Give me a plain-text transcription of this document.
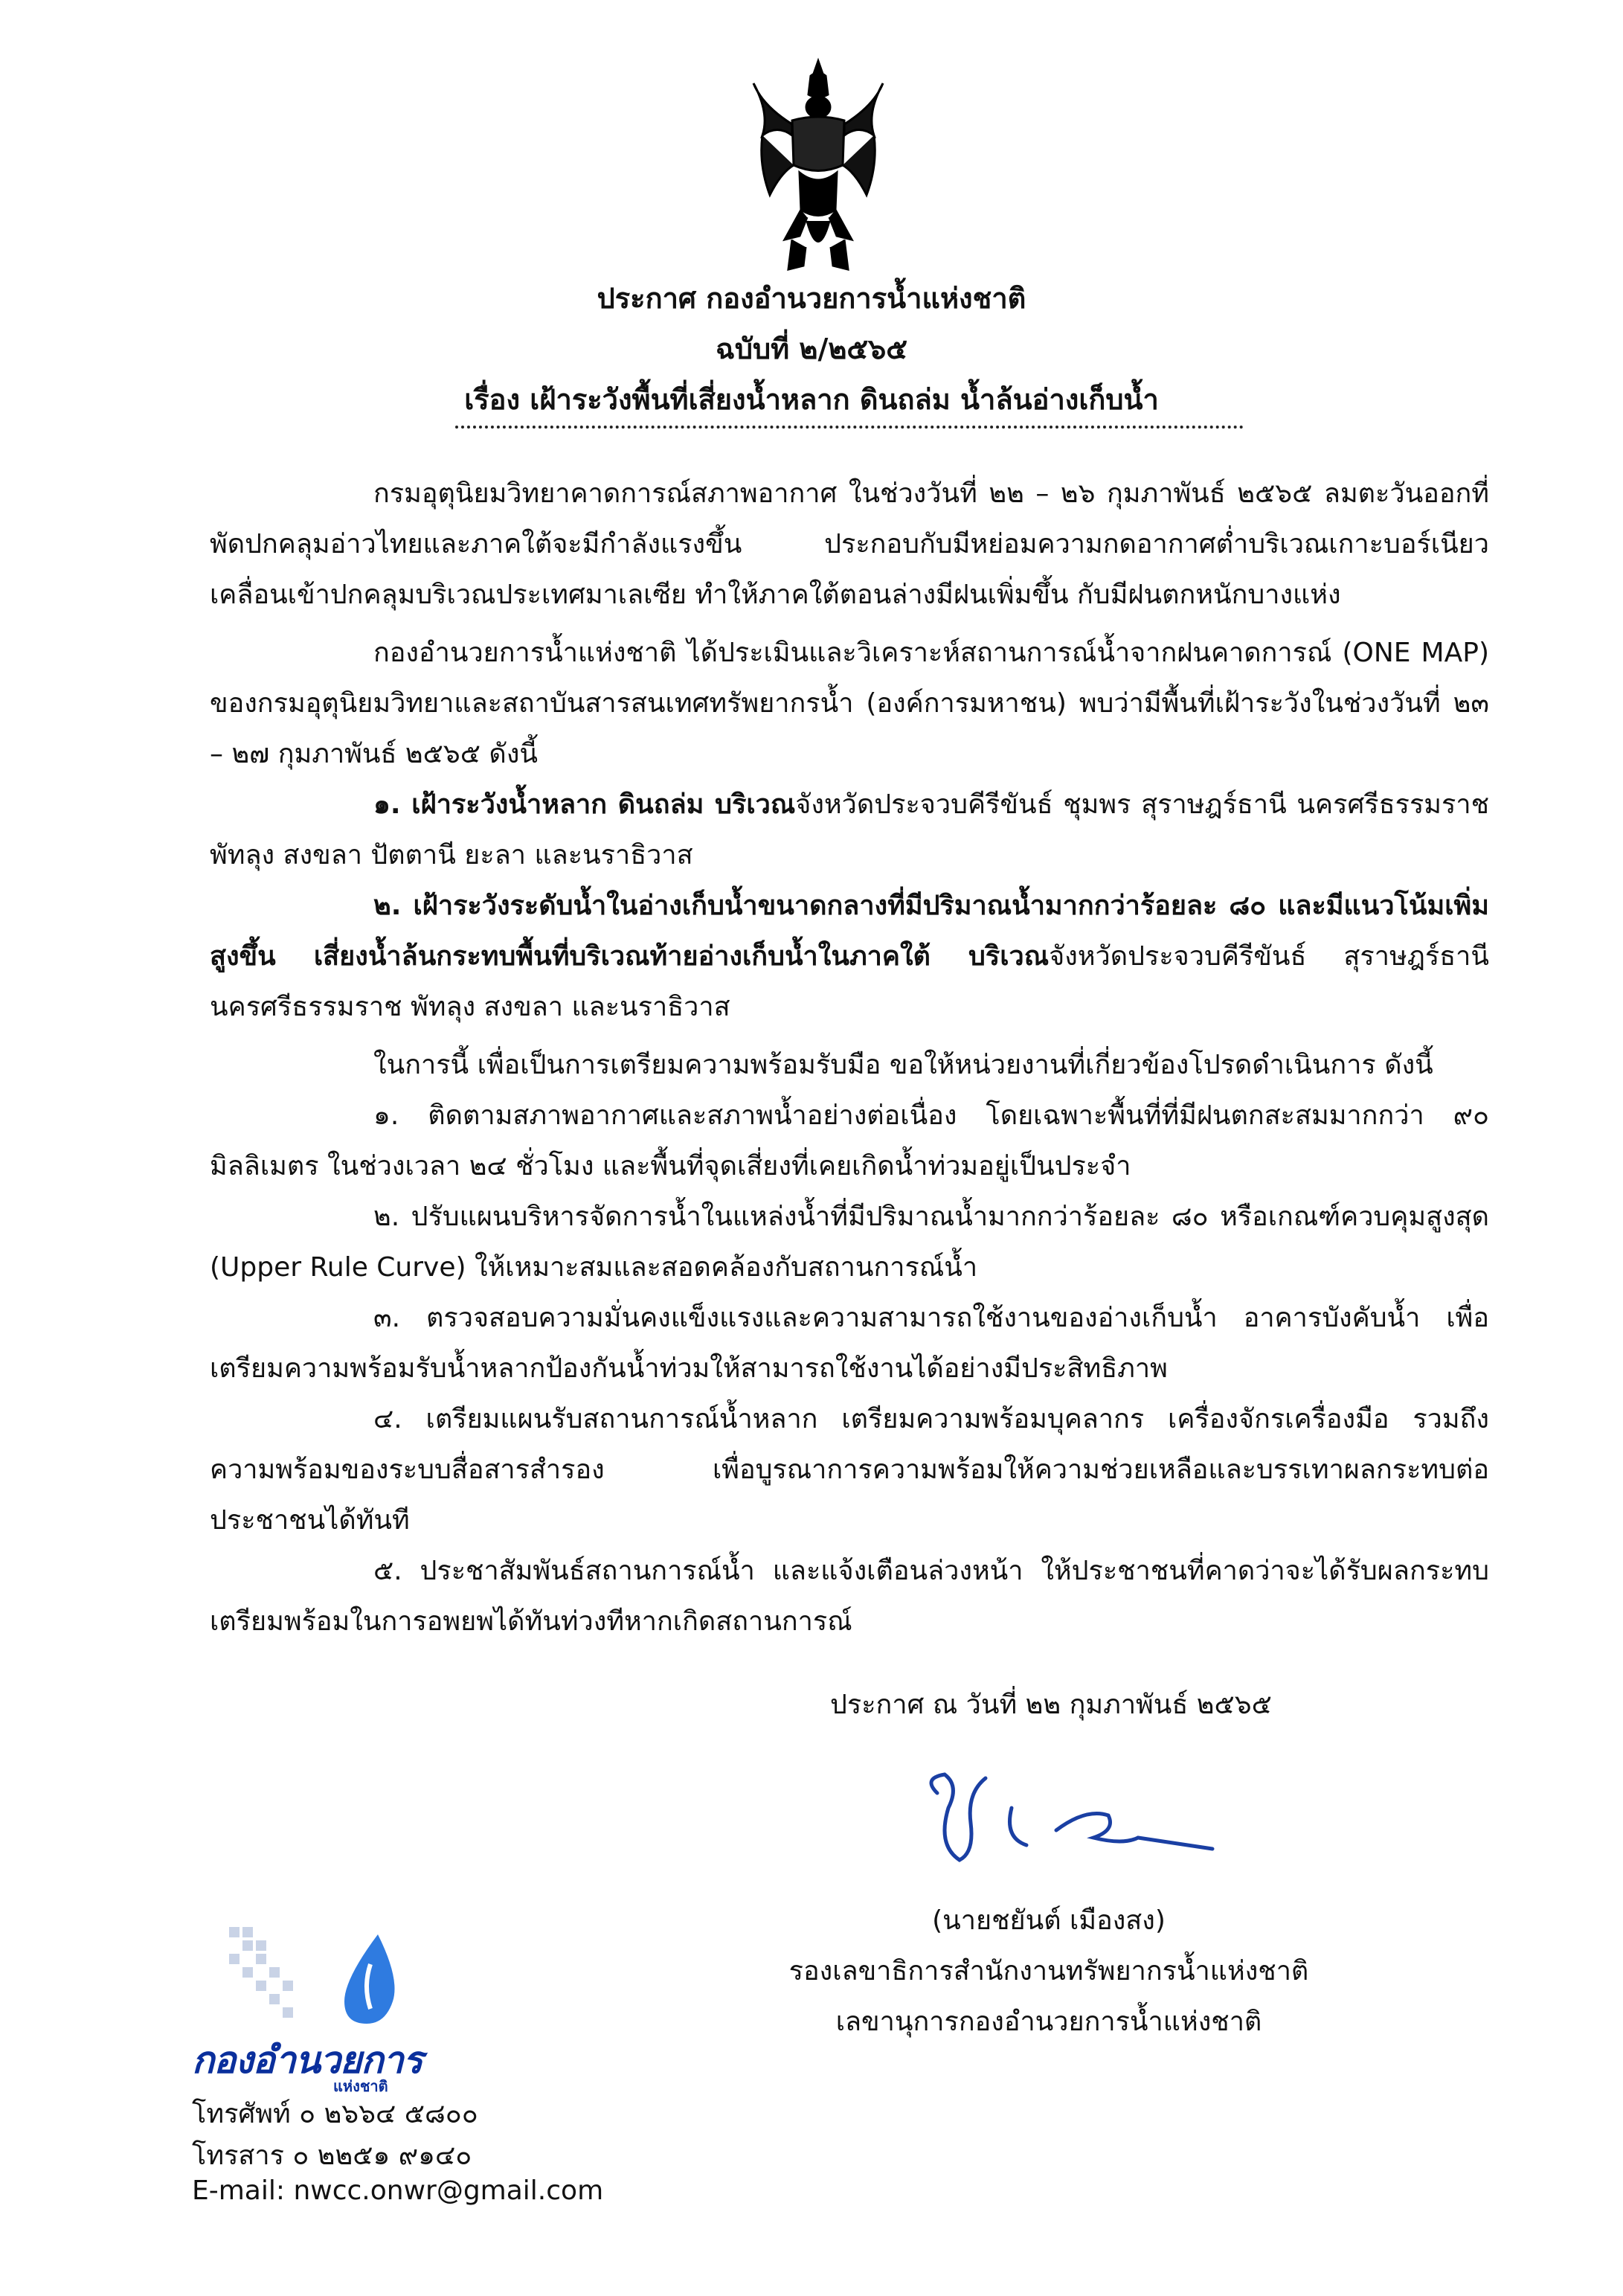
ประกาศ กองอำนวยการน้ำแห่งชาติ
ฉบับที่ ๒/๒๕๖๕
เรื่อง เฝ้าระวังพื้นที่เสี่ยงน้ำหลาก ดินถล่ม น้ำล้นอ่างเก็บน้ำ

กรมอุตุนิยมวิทยาคาดการณ์สภาพอากาศ ในช่วงวันที่ ๒๒ – ๒๖ กุมภาพันธ์ ๒๕๖๕ ลมตะวันออกที่พัดปกคลุมอ่าวไทยและภาคใต้จะมีกำลังแรงขึ้น ประกอบกับมีหย่อมความกดอากาศต่ำบริเวณเกาะบอร์เนียวเคลื่อนเข้าปกคลุมบริเวณประเทศมาเลเซีย ทำให้ภาคใต้ตอนล่างมีฝนเพิ่มขึ้น กับมีฝนตกหนักบางแห่ง

กองอำนวยการน้ำแห่งชาติ ได้ประเมินและวิเคราะห์สถานการณ์น้ำจากฝนคาดการณ์ (ONE MAP) ของกรมอุตุนิยมวิทยาและสถาบันสารสนเทศทรัพยากรน้ำ (องค์การมหาชน) พบว่ามีพื้นที่เฝ้าระวังในช่วงวันที่ ๒๓ – ๒๗ กุมภาพันธ์ ๒๕๖๕ ดังนี้

๑. เฝ้าระวังน้ำหลาก ดินถล่ม บริเวณจังหวัดประจวบคีรีขันธ์ ชุมพร สุราษฎร์ธานี นครศรีธรรมราช พัทลุง สงขลา ปัตตานี ยะลา และนราธิวาส

๒. เฝ้าระวังระดับน้ำในอ่างเก็บน้ำขนาดกลางที่มีปริมาณน้ำมากกว่าร้อยละ ๘๐ และมีแนวโน้มเพิ่มสูงขึ้น เสี่ยงน้ำล้นกระทบพื้นที่บริเวณท้ายอ่างเก็บน้ำในภาคใต้ บริเวณจังหวัดประจวบคีรีขันธ์ สุราษฎร์ธานี นครศรีธรรมราช พัทลุง สงขลา และนราธิวาส

ในการนี้ เพื่อเป็นการเตรียมความพร้อมรับมือ ขอให้หน่วยงานที่เกี่ยวข้องโปรดดำเนินการ ดังนี้

๑. ติดตามสภาพอากาศและสภาพน้ำอย่างต่อเนื่อง โดยเฉพาะพื้นที่ที่มีฝนตกสะสมมากกว่า ๙๐ มิลลิเมตร ในช่วงเวลา ๒๔ ชั่วโมง และพื้นที่จุดเสี่ยงที่เคยเกิดน้ำท่วมอยู่เป็นประจำ

๒. ปรับแผนบริหารจัดการน้ำในแหล่งน้ำที่มีปริมาณน้ำมากกว่าร้อยละ ๘๐ หรือเกณฑ์ควบคุมสูงสุด (Upper Rule Curve) ให้เหมาะสมและสอดคล้องกับสถานการณ์น้ำ

๓. ตรวจสอบความมั่นคงแข็งแรงและความสามารถใช้งานของอ่างเก็บน้ำ อาคารบังคับน้ำ เพื่อเตรียมความพร้อมรับน้ำหลากป้องกันน้ำท่วมให้สามารถใช้งานได้อย่างมีประสิทธิภาพ

๔. เตรียมแผนรับสถานการณ์น้ำหลาก เตรียมความพร้อมบุคลากร เครื่องจักรเครื่องมือ รวมถึงความพร้อมของระบบสื่อสารสำรอง เพื่อบูรณาการความพร้อมให้ความช่วยเหลือและบรรเทาผลกระทบต่อประชาชนได้ทันที

๕. ประชาสัมพันธ์สถานการณ์น้ำ และแจ้งเตือนล่วงหน้า ให้ประชาชนที่คาดว่าจะได้รับผลกระทบเตรียมพร้อมในการอพยพได้ทันท่วงทีหากเกิดสถานการณ์

ประกาศ ณ วันที่ ๒๒ กุมภาพันธ์ ๒๕๖๕
(นายชยันต์ เมืองสง)
รองเลขาธิการสำนักงานทรัพยากรน้ำแห่งชาติ
เลขานุการกองอำนวยการน้ำแห่งชาติ
กองอำนวยการ
แห่งชาติ
โทรศัพท์ ๐ ๒๖๖๔ ๕๘๐๐
โทรสาร ๐ ๒๒๕๑ ๙๑๔๐
E-mail: nwcc.onwr@gmail.com
